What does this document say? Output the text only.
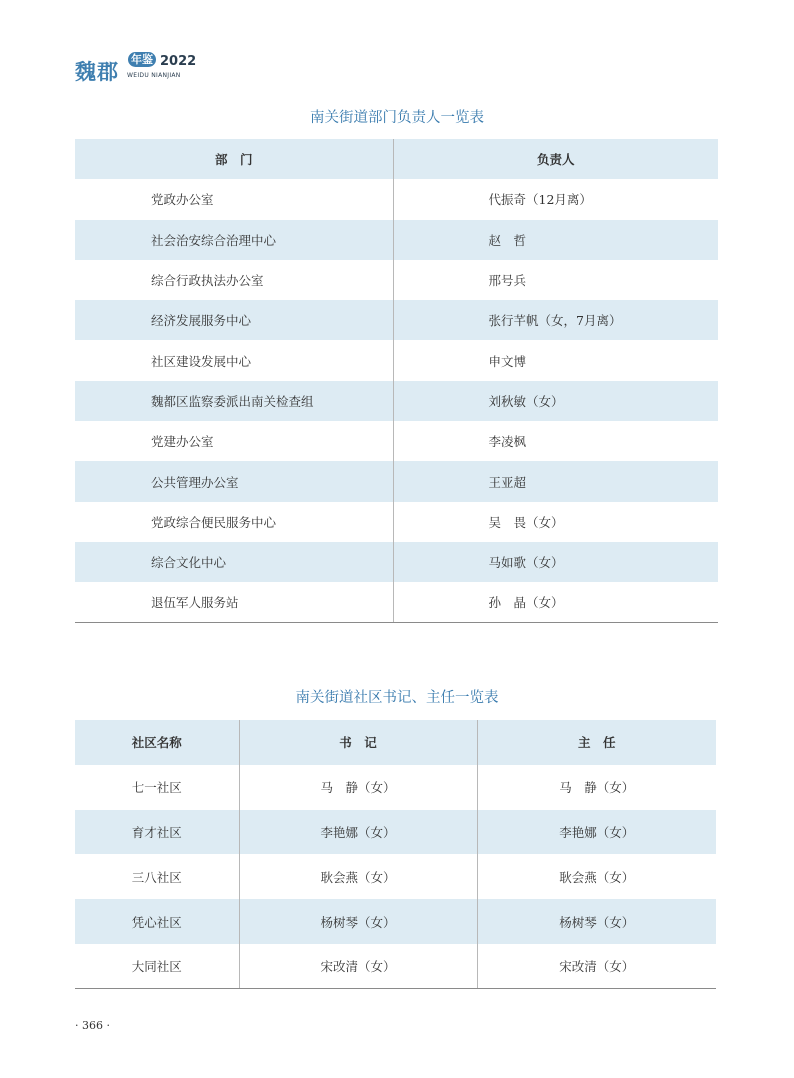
魏郡 年鉴 2022
WEIDU NIANJIAN
南关街道部门负责人一览表
部　门	负责人
党政办公室	代振奇（12月离）
社会治安综合治理中心	赵　哲
综合行政执法办公室	邢号兵
经济发展服务中心	张行芊帆（女，7月离）
社区建设发展中心	申文博
魏都区监察委派出南关检查组	刘秋敏（女）
党建办公室	李凌枫
公共管理办公室	王亚超
党政综合便民服务中心	吴　畏（女）
综合文化中心	马如歌（女）
退伍军人服务站	孙　晶（女）
南关街道社区书记、主任一览表
社区名称	书　记	主　任
七一社区	马　静（女）	马　静（女）
育才社区	李艳娜（女）	李艳娜（女）
三八社区	耿会燕（女）	耿会燕（女）
凭心社区	杨树琴（女）	杨树琴（女）
大同社区	宋改清（女）	宋改清（女）
· 366 ·
